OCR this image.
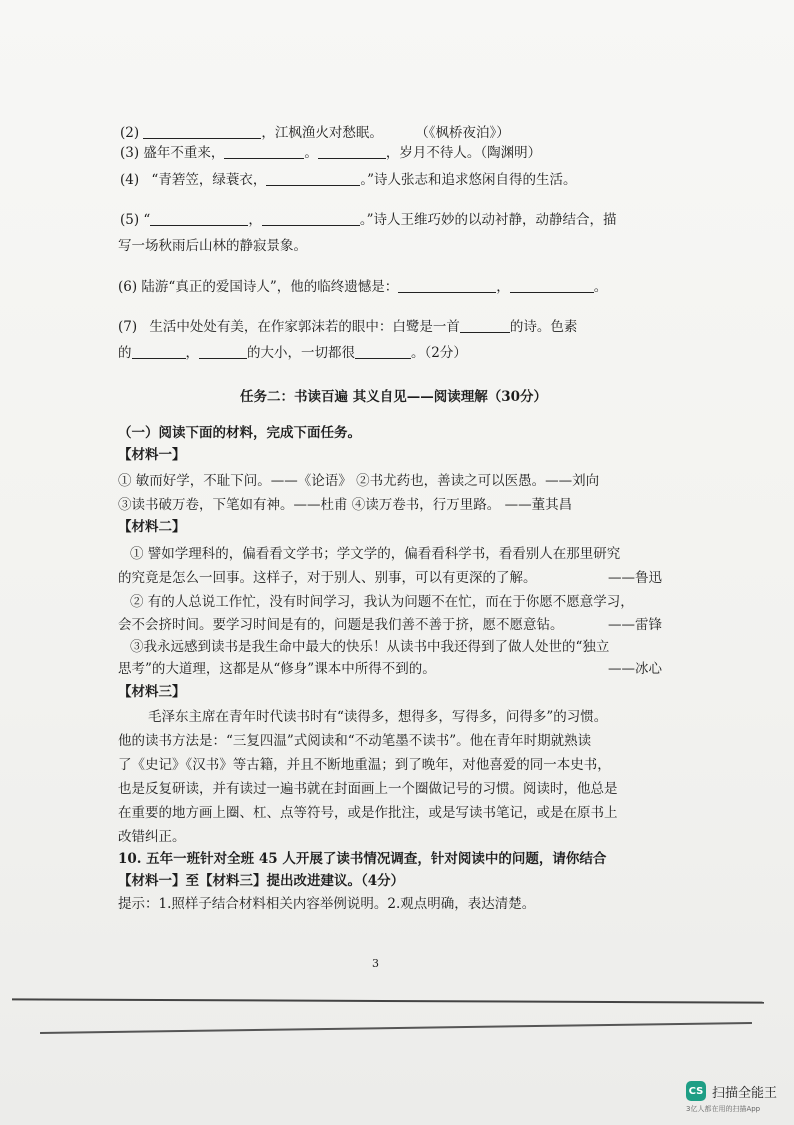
(2)	，江枫渔火对愁眠。 （《枫桥夜泊》）
(3) 盛年不重来，	。	，岁月不待人。（陶渊明）
(4) “青箬笠，绿蓑衣，	。”诗人张志和追求悠闲自得的生活。
(5) “	，	。”诗人王维巧妙的以动衬静，动静结合，描
写一场秋雨后山林的静寂景象。
(6) 陆游“真正的爱国诗人”，他的临终遗憾是：	，	。
(7) 生活中处处有美，在作家郭沫若的眼中：白鹭是一首	的诗。色素
的	，	的大小，一切都很	。（2分）
任务二：书读百遍 其义自见——阅读理解（30分）
（一）阅读下面的材料，完成下面任务。
【材料一】
① 敏而好学，不耻下问。——《论语》 ②书尤药也，善读之可以医愚。——刘向
③读书破万卷，下笔如有神。——杜甫 ④读万卷书，行万里路。 ——董其昌
【材料二】
① 譬如学理科的，偏看看文学书；学文学的，偏看看科学书，看看别人在那里研究
的究竟是怎么一回事。这样子，对于别人、别事，可以有更深的了解。	——鲁迅
② 有的人总说工作忙，没有时间学习，我认为问题不在忙，而在于你愿不愿意学习，
会不会挤时间。要学习时间是有的，问题是我们善不善于挤，愿不愿意钻。	——雷锋
③我永远感到读书是我生命中最大的快乐！从读书中我还得到了做人处世的“独立
思考”的大道理，这都是从“修身”课本中所得不到的。	——冰心
【材料三】
毛泽东主席在青年时代读书时有“读得多，想得多，写得多，问得多”的习惯。
他的读书方法是：“三复四温”式阅读和“不动笔墨不读书”。他在青年时期就熟读
了《史记》《汉书》等古籍，并且不断地重温；到了晚年，对他喜爱的同一本史书，
也是反复研读，并有读过一遍书就在封面画上一个圈做记号的习惯。阅读时，他总是
在重要的地方画上圈、杠、点等符号，或是作批注，或是写读书笔记，或是在原书上
改错纠正。
10. 五年一班针对全班 45 人开展了读书情况调查，针对阅读中的问题，请你结合
【材料一】至【材料三】提出改进建议。（4分）
提示：1.照样子结合材料相关内容举例说明。2.观点明确，表达清楚。
3
CS 扫描全能王
3亿人都在用的扫描App
